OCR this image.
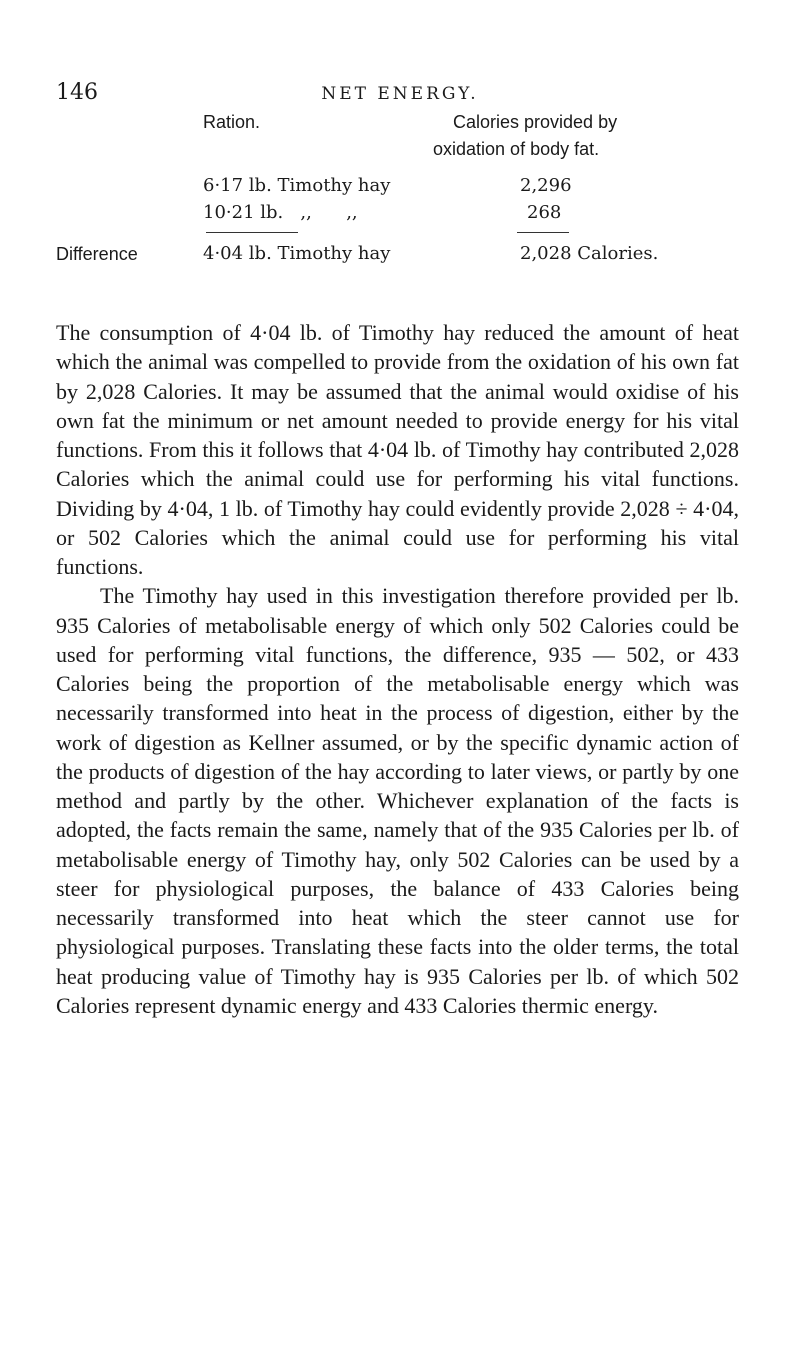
146	NET ENERGY.
Ration.	Calories provided by
oxidation of body fat.
6·17 lb. Timothy hay	2,296
10·21 lb.   ,,      ,,	268
Difference	4·04 lb. Timothy hay	2,028 Calories.

The consumption of 4·04 lb. of Timothy hay reduced the amount of heat which the animal was compelled to provide from the oxidation of his own fat by 2,028 Calories. It may be assumed that the animal would oxidise of his own fat the minimum or net amount needed to provide energy for his vital functions. From this it follows that 4·04 lb. of Timothy hay contributed 2,028 Calories which the animal could use for performing his vital functions. Dividing by 4·04, 1 lb. of Timothy hay could evidently provide 2,028 ÷ 4·04, or 502 Calories which the animal could use for performing his vital functions.

The Timothy hay used in this investigation therefore provided per lb. 935 Calories of metabolisable energy of which only 502 Calories could be used for performing vital functions, the difference, 935 — 502, or 433 Calories being the proportion of the metabolisable energy which was necessarily transformed into heat in the process of digestion, either by the work of digestion as Kellner assumed, or by the specific dynamic action of the products of digestion of the hay according to later views, or partly by one method and partly by the other. Whichever explanation of the facts is adopted, the facts remain the same, namely that of the 935 Calories per lb. of metabolisable energy of Timothy hay, only 502 Calories can be used by a steer for physiological purposes, the balance of 433 Calories being necessarily transformed into heat which the steer cannot use for physiological purposes. Translating these facts into the older terms, the total heat producing value of Timothy hay is 935 Calories per lb. of which 502 Calories represent dynamic energy and 433 Calories thermic energy.
